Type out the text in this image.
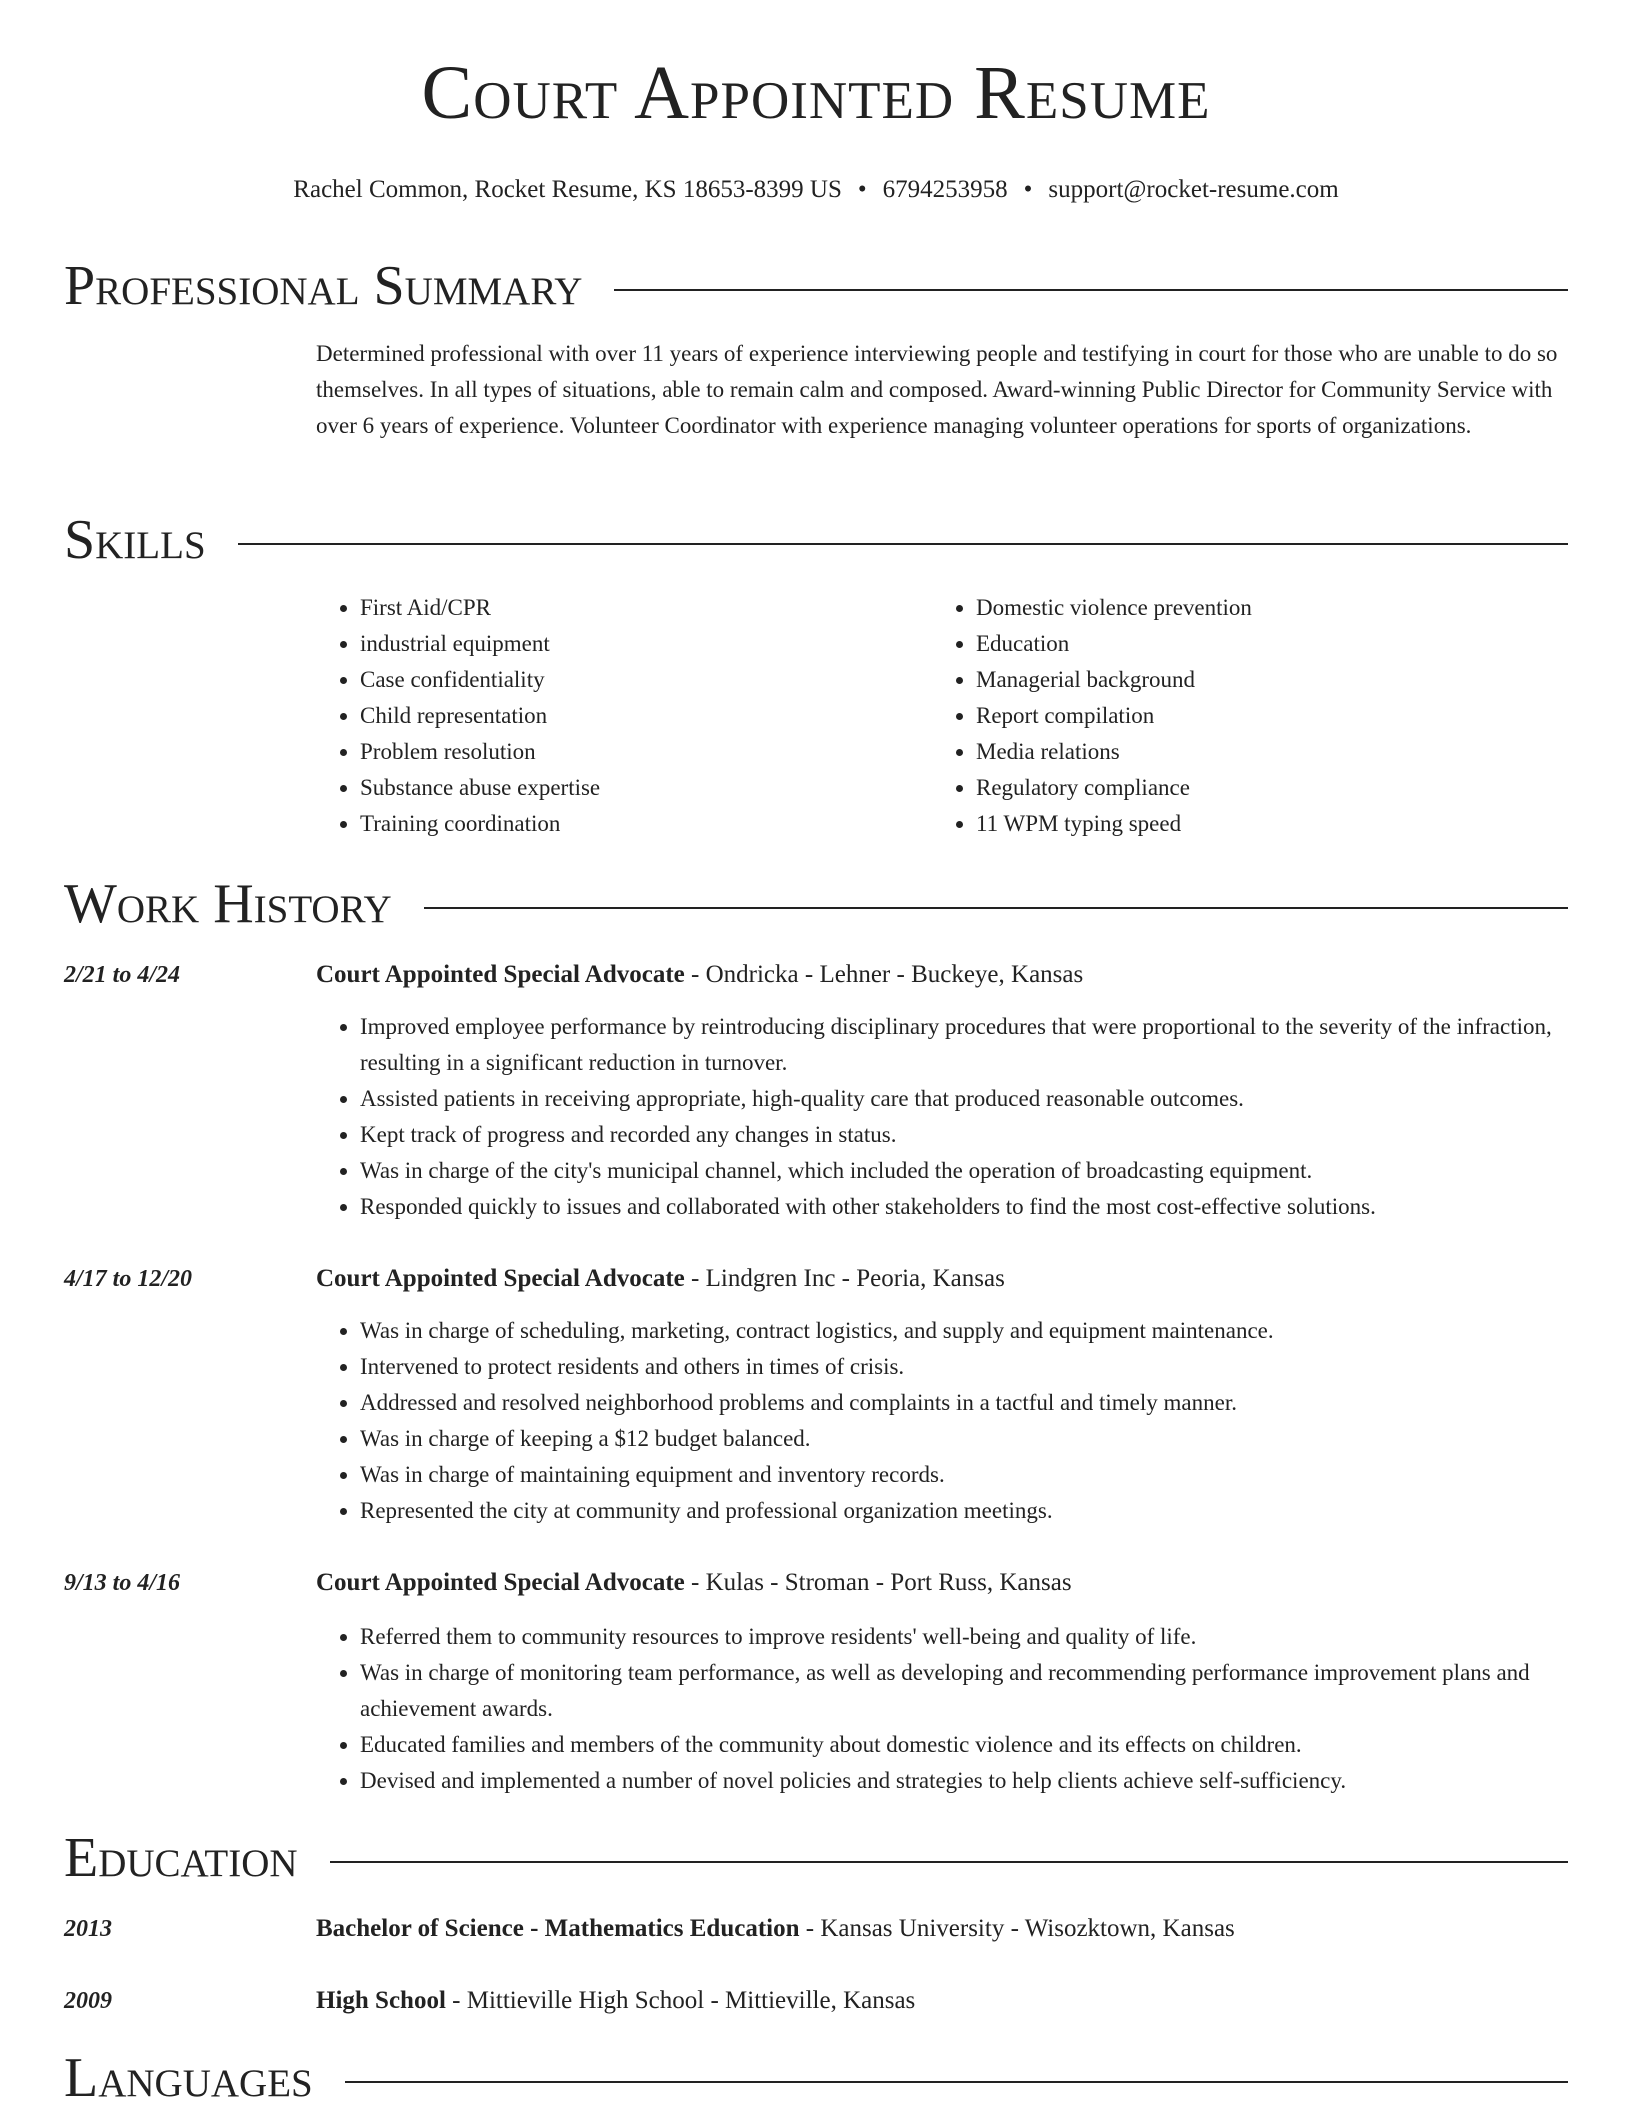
Court Appointed Resume
Rachel Common, Rocket Resume, KS 18653-8399 US • 6794253958 • support@rocket-resume.com
Professional Summary

Determined professional with over 11 years of experience interviewing people and testifying in court for those who are unable to do so themselves. In all types of situations, able to remain calm and composed. Award-winning Public Director for Community Service with over 6 years of experience. Volunteer Coordinator with experience managing volunteer operations for sports of organizations.

Skills
• First Aid/CPR
• industrial equipment
• Case confidentiality
• Child representation
• Problem resolution
• Substance abuse expertise
• Training coordination
• Domestic violence prevention
• Education
• Managerial background
• Report compilation
• Media relations
• Regulatory compliance
• 11 WPM typing speed
Work History
2/21 to 4/24	Court Appointed Special Advocate - Ondricka - Lehner - Buckeye, Kansas
• Improved employee performance by reintroducing disciplinary procedures that were proportional to the severity of the infraction, resulting in a significant reduction in turnover.
• Assisted patients in receiving appropriate, high-quality care that produced reasonable outcomes.
• Kept track of progress and recorded any changes in status.
• Was in charge of the city's municipal channel, which included the operation of broadcasting equipment.
• Responded quickly to issues and collaborated with other stakeholders to find the most cost-effective solutions.
4/17 to 12/20	Court Appointed Special Advocate - Lindgren Inc - Peoria, Kansas
• Was in charge of scheduling, marketing, contract logistics, and supply and equipment maintenance.
• Intervened to protect residents and others in times of crisis.
• Addressed and resolved neighborhood problems and complaints in a tactful and timely manner.
• Was in charge of keeping a $12 budget balanced.
• Was in charge of maintaining equipment and inventory records.
• Represented the city at community and professional organization meetings.
9/13 to 4/16	Court Appointed Special Advocate - Kulas - Stroman - Port Russ, Kansas
• Referred them to community resources to improve residents' well-being and quality of life.
• Was in charge of monitoring team performance, as well as developing and recommending performance improvement plans and achievement awards.
• Educated families and members of the community about domestic violence and its effects on children.
• Devised and implemented a number of novel policies and strategies to help clients achieve self-sufficiency.
Education
2013	Bachelor of Science - Mathematics Education - Kansas University - Wisozktown, Kansas
2009	High School - Mittieville High School - Mittieville, Kansas
Languages
